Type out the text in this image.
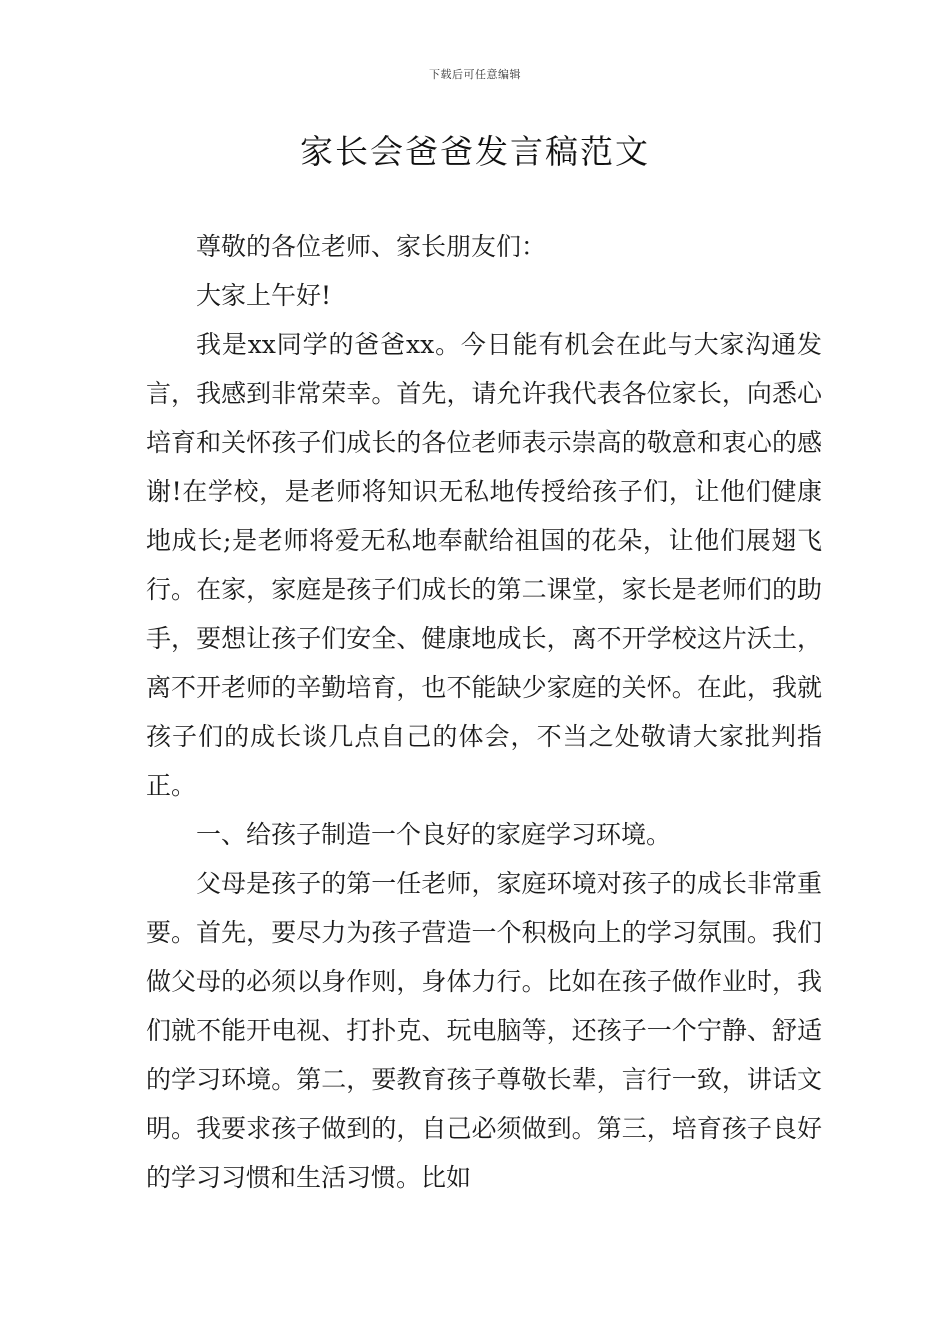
下载后可任意编辑
家长会爸爸发言稿范文

尊敬的各位老师、家长朋友们：

大家上午好!

我是xx同学的爸爸xx。今日能有机会在此与大家沟通发言，我感到非常荣幸。首先，请允许我代表各位家长，向悉心培育和关怀孩子们成长的各位老师表示崇高的敬意和衷心的感谢!在学校，是老师将知识无私地传授给孩子们，让他们健康地成长;是老师将爱无私地奉献给祖国的花朵，让他们展翅飞行。在家，家庭是孩子们成长的第二课堂，家长是老师们的助手，要想让孩子们安全、健康地成长，离不开学校这片沃土，离不开老师的辛勤培育，也不能缺少家庭的关怀。在此，我就孩子们的成长谈几点自己的体会，不当之处敬请大家批判指正。

一、给孩子制造一个良好的家庭学习环境。

父母是孩子的第一任老师，家庭环境对孩子的成长非常重要。首先，要尽力为孩子营造一个积极向上的学习氛围。我们做父母的必须以身作则，身体力行。比如在孩子做作业时，我们就不能开电视、打扑克、玩电脑等，还孩子一个宁静、舒适的学习环境。第二，要教育孩子尊敬长辈，言行一致，讲话文明。我要求孩子做到的，自己必须做到。第三，培育孩子良好的学习习惯和生活习惯。比如
